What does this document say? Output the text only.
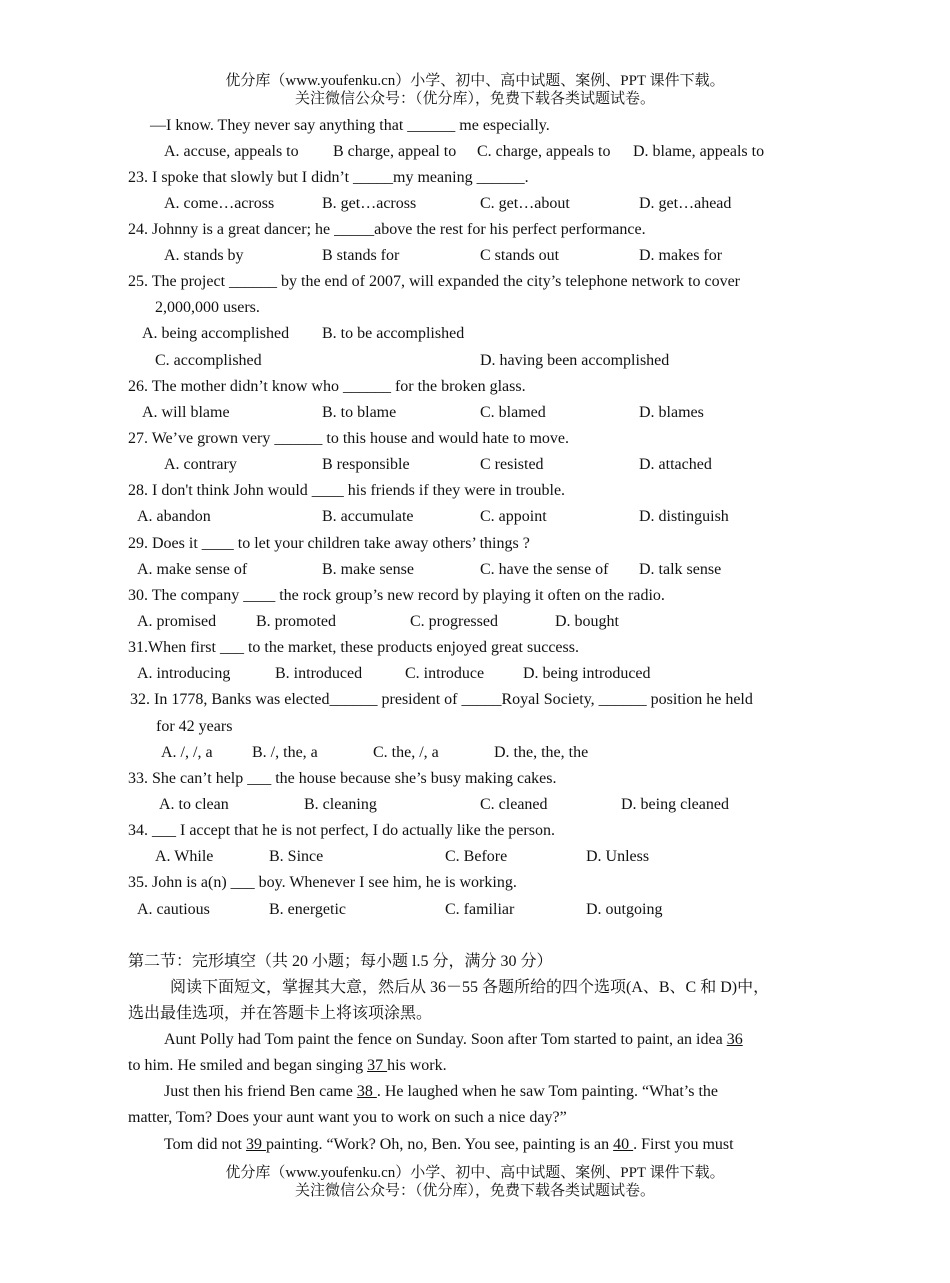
优分库（www.youfenku.cn）小学、初中、高中试题、案例、PPT 课件下载。
关注微信公众号：（优分库），免费下载各类试题试卷。
—I know. They never say anything that ______ me especially.
A. accuse, appeals to B charge, appeal to C. charge, appeals to D. blame, appeals to
23. I spoke that slowly but I didn’t _____my meaning ______.
A. come…across	B. get…across	C. get…about	D. get…ahead
24. Johnny is a great dancer; he _____above the rest for his perfect performance.
A. stands by	B stands for	C stands out	D. makes for
25. The project ______ by the end of 2007, will expanded the city’s telephone network to cover
2,000,000 users.
A. being accomplished B. to be accomplished
C. accomplished	D. having been accomplished
26. The mother didn’t know who ______ for the broken glass.
A. will blame	B. to blame	C. blamed	D. blames
27. We’ve grown very ______ to this house and would hate to move.
A. contrary	B responsible	C resisted	D. attached
28. I don't think John would ____ his friends if they were in trouble.
A. abandon	B. accumulate	C. appoint	D. distinguish
29. Does it ____ to let your children take away others’ things ?
A. make sense of	B. make sense	C. have the sense of D. talk sense
30. The company ____ the rock group’s new record by playing it often on the radio.
A. promised B. promoted	C. progressed	D. bought
31.When first ___ to the market, these products enjoyed great success.
A. introducing	B. introduced	C. introduce D. being introduced
32. In 1778, Banks was elected______ president of _____Royal Society, ______ position he held
for 42 years
A. /, /, a B. /, the, a	C. the, /, a	D. the, the, the
33. She can’t help ___ the house because she’s busy making cakes.
A. to clean	B. cleaning	C. cleaned	D. being cleaned
34. ___ I accept that he is not perfect, I do actually like the person.
A. While	B. Since	C. Before	D. Unless
35. John is a(n) ___ boy. Whenever I see him, he is working.
A. cautious	B. energetic	C. familiar	D. outgoing
第二节：完形填空（共 20 小题；每小题 l.5 分，满分 30 分）
阅读下面短文，掌握其大意，然后从 36－55 各题所给的四个选项(A、B、C 和 D)中，
选出最佳选项，并在答题卡上将该项涂黑。
Aunt Polly had Tom paint the fence on Sunday. Soon after Tom started to paint, an idea 36
to him. He smiled and began singing 37 his work.
Just then his friend Ben came 38 . He laughed when he saw Tom painting. “What’s the
matter, Tom? Does your aunt want you to work on such a nice day?”
Tom did not 39 painting. “Work? Oh, no, Ben. You see, painting is an 40 . First you must
优分库（www.youfenku.cn）小学、初中、高中试题、案例、PPT 课件下载。
关注微信公众号：（优分库），免费下载各类试题试卷。
